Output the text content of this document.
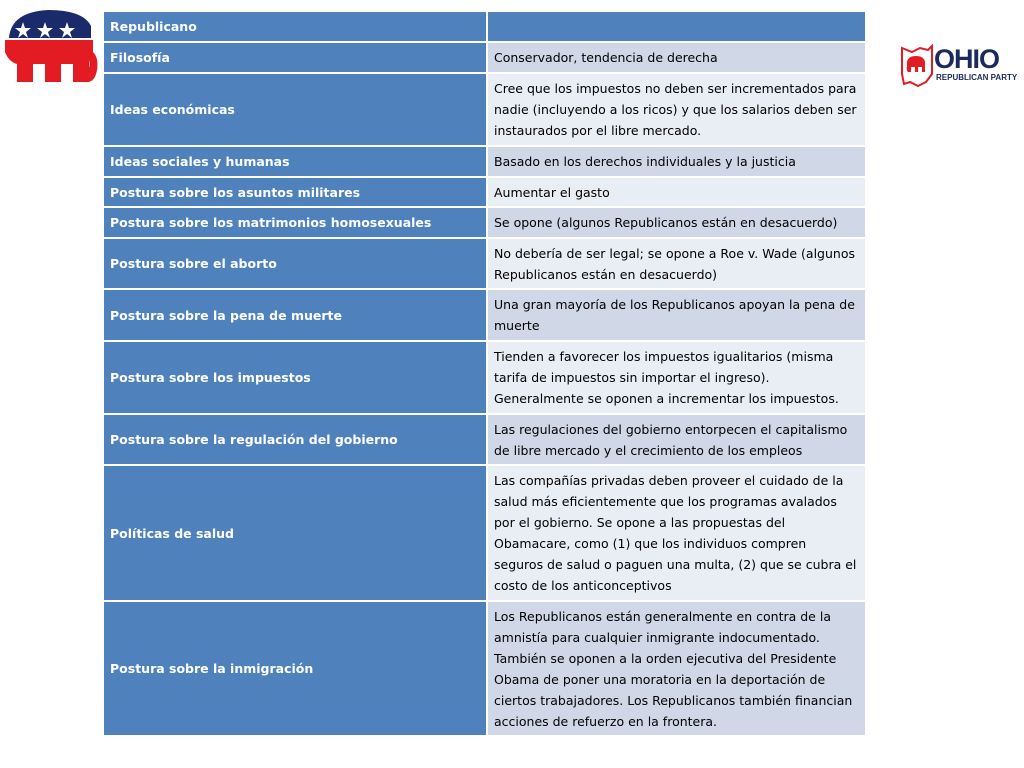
OHIO
REPUBLICAN PARTY
Republicano	
Filosofía	Conservador, tendencia de derecha
Ideas económicas	Cree que los impuestos no deben ser incrementados para nadie (incluyendo a los ricos) y que los salarios deben ser instaurados por el libre mercado.
Ideas sociales y humanas	Basado en los derechos individuales y la justicia
Postura sobre los asuntos militares	Aumentar el gasto
Postura sobre los matrimonios homosexuales	Se opone (algunos Republicanos están en desacuerdo)
Postura sobre el aborto	No debería de ser legal; se opone a Roe v. Wade (algunos Republicanos están en desacuerdo)
Postura sobre la pena de muerte	Una gran mayoría de los Republicanos apoyan la pena de muerte
Postura sobre los impuestos	Tienden a favorecer los impuestos igualitarios (misma tarifa de impuestos sin importar el ingreso). Generalmente se oponen a incrementar los impuestos.
Postura sobre la regulación del gobierno	Las regulaciones del gobierno entorpecen el capitalismo de libre mercado y el crecimiento de los empleos
Políticas de salud	Las compañías privadas deben proveer el cuidado de la salud más eficientemente que los programas avalados por el gobierno. Se opone a las propuestas del Obamacare, como (1) que los individuos compren seguros de salud o paguen una multa, (2) que se cubra el costo de los anticonceptivos
Postura sobre la inmigración	Los Republicanos están generalmente en contra de la amnistía para cualquier inmigrante indocumentado. También se oponen a la orden ejecutiva del Presidente Obama de poner una moratoria en la deportación de ciertos trabajadores. Los Republicanos también financian acciones de refuerzo en la frontera.
